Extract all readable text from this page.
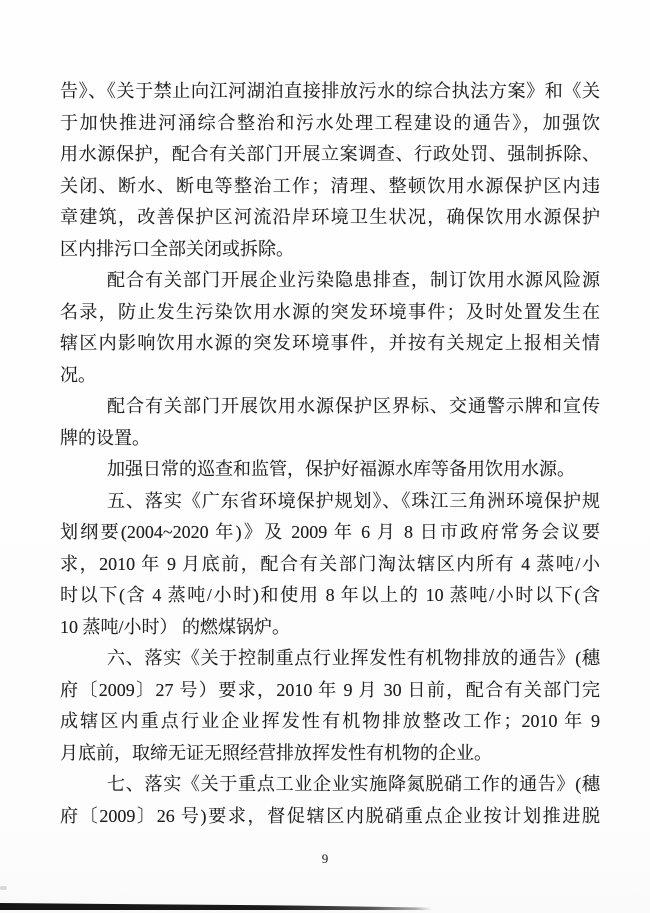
告》、《关于禁止向江河湖泊直接排放污水的综合执法方案》和《关
于加快推进河涌综合整治和污水处理工程建设的通告》，加强饮
用水源保护，配合有关部门开展立案调查、行政处罚、强制拆除、
关闭、断水、断电等整治工作；清理、整顿饮用水源保护区内违
章建筑，改善保护区河流沿岸环境卫生状况，确保饮用水源保护
区内排污口全部关闭或拆除。
配合有关部门开展企业污染隐患排查，制订饮用水源风险源
名录，防止发生污染饮用水源的突发环境事件；及时处置发生在
辖区内影响饮用水源的突发环境事件，并按有关规定上报相关情
况。
配合有关部门开展饮用水源保护区界标、交通警示牌和宣传
牌的设置。
加强日常的巡查和监管，保护好福源水库等备用饮用水源。
五、落实《广东省环境保护规划》、《珠江三角洲环境保护规
划纲要(2004~2020 年)》及 2009 年 6 月 8 日市政府常务会议要
求，2010 年 9 月底前，配合有关部门淘汰辖区内所有 4 蒸吨/小
时以下(含 4 蒸吨/小时)和使用 8 年以上的 10 蒸吨/小时以下(含
10 蒸吨/小时） 的燃煤锅炉。
六、落实《关于控制重点行业挥发性有机物排放的通告》(穗
府〔2009〕27 号）要求，2010 年 9 月 30 日前，配合有关部门完
成辖区内重点行业企业挥发性有机物排放整改工作；2010 年 9
月底前，取缔无证无照经营排放挥发性有机物的企业。
七、落实《关于重点工业企业实施降氮脱硝工作的通告》(穗
府〔2009〕26 号)要求，督促辖区内脱硝重点企业按计划推进脱
9
